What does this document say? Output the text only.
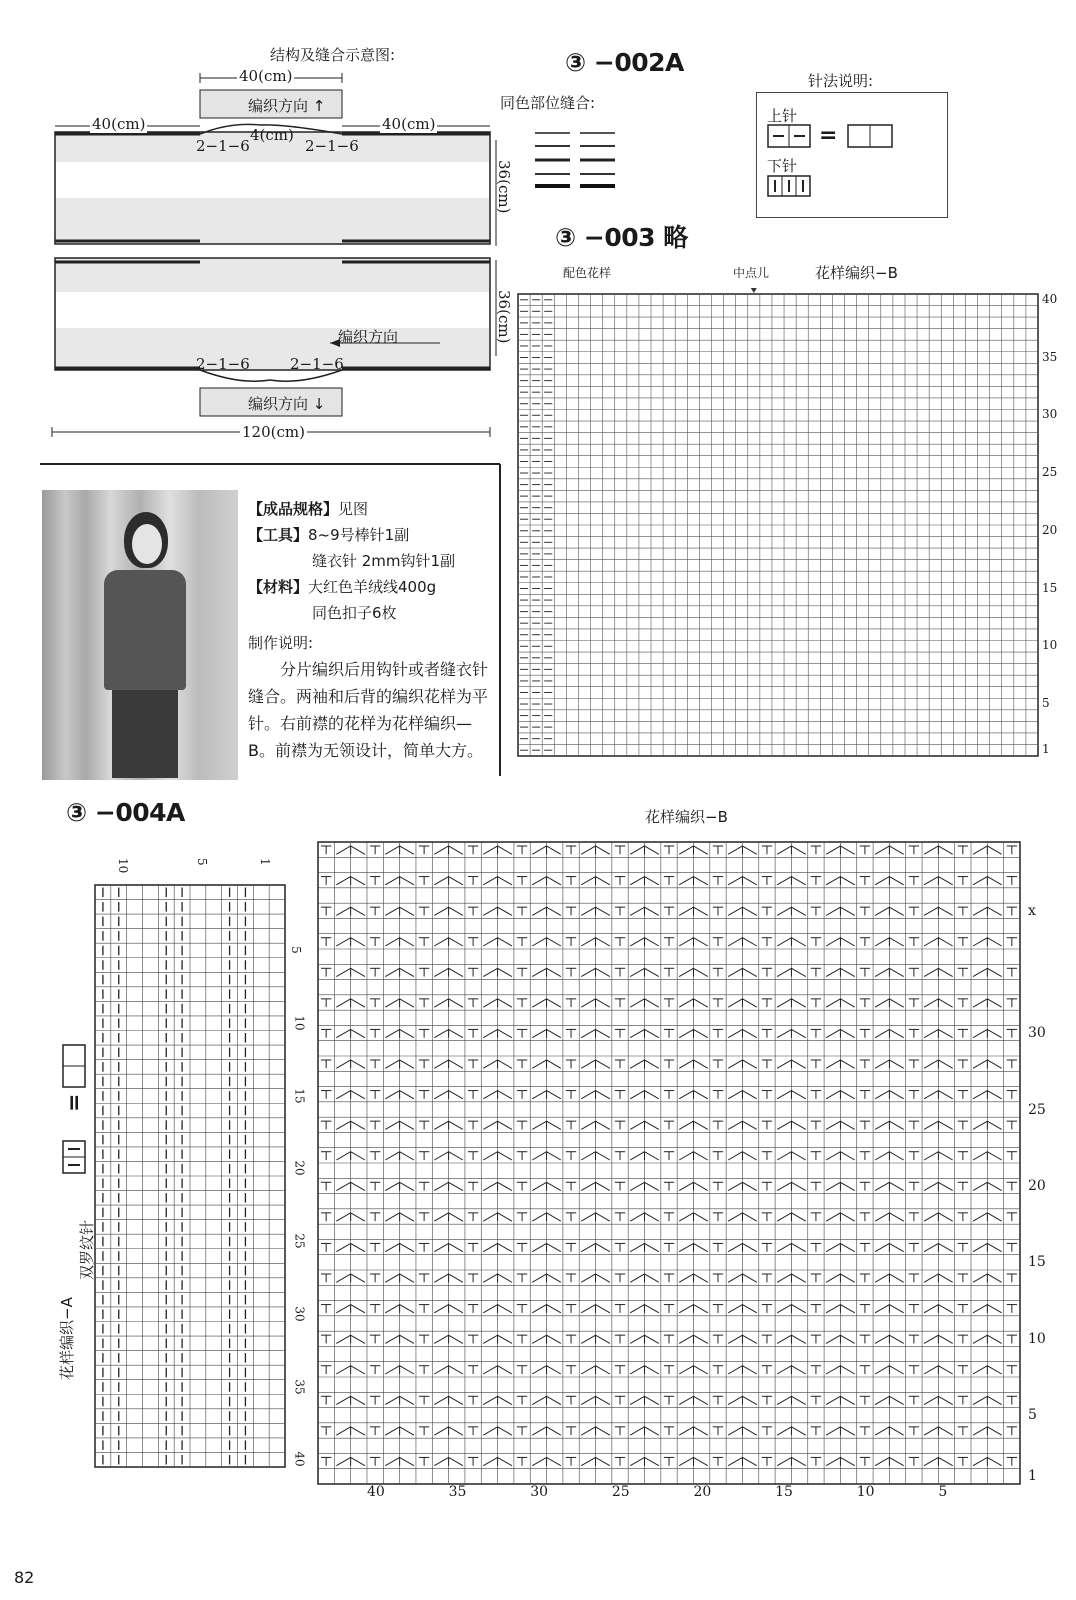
结构及缝合示意图:
40(cm)
40(cm)	40(cm)
4(cm)
编织方向 ↑
2−1−6	2−1−6
编织方向
2−1−6	2−1−6
编织方向 ↓
120(cm)
36(cm)
36(cm)
③ −002A
同色部位缝合:
针法说明:
上针
=
下针
③ −003 略
配色花样	中点儿	花样编织−B
【成品规格】见图
【工具】8~9号棒针1副
缝衣针 2mm钩针1副
【材料】大红色羊绒线400g
同色扣子6枚
制作说明:
分片编织后用钩针或者缝衣针缝合。两袖和后背的编织花样为平针。右前襟的花样为花样编织—B。前襟为无领设计，简单大方。
③ −004A
花样编织−A
双罗纹针
=
花样编织−B
82
40
35
30
25
20
15
10
5
1
10	5	1
5
10
15
20
25
30
35
40
x
30
25
20
15
10
5
1
40	35	30	25	20	15	10	5
